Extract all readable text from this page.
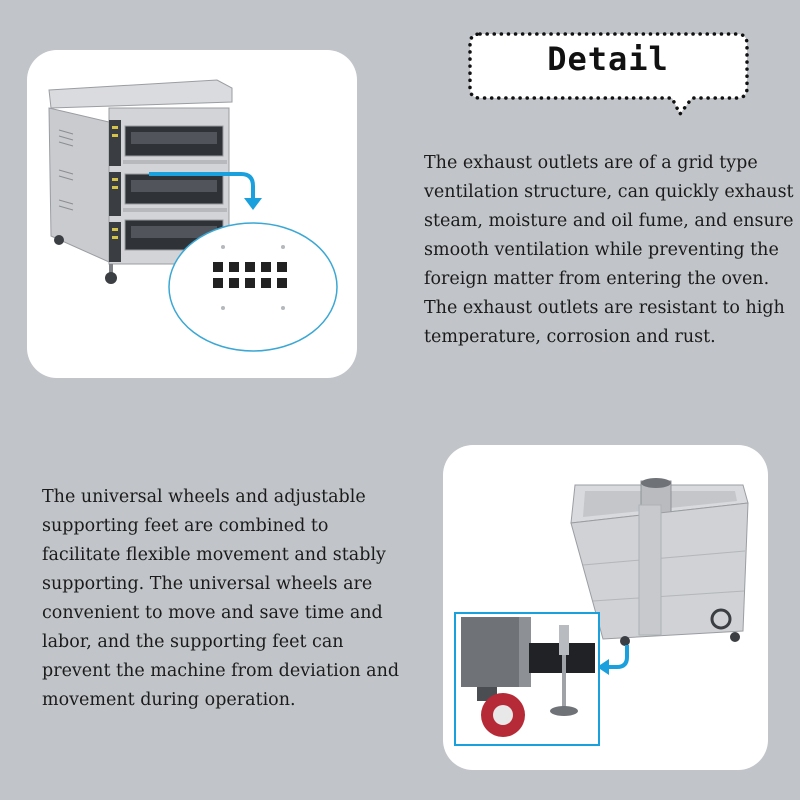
Detail

The exhaust outlets are of a grid type ventilation structure, can quickly exhaust steam, moisture and oil fume, and ensure smooth ventilation while preventing the foreign matter from entering the oven. The exhaust outlets are resistant to high temperature, corrosion and rust.

The universal wheels and adjustable supporting feet are combined to facilitate flexible movement and stably supporting. The universal wheels are convenient to move and save time and labor, and the supporting feet can prevent the machine from deviation and movement during operation.
